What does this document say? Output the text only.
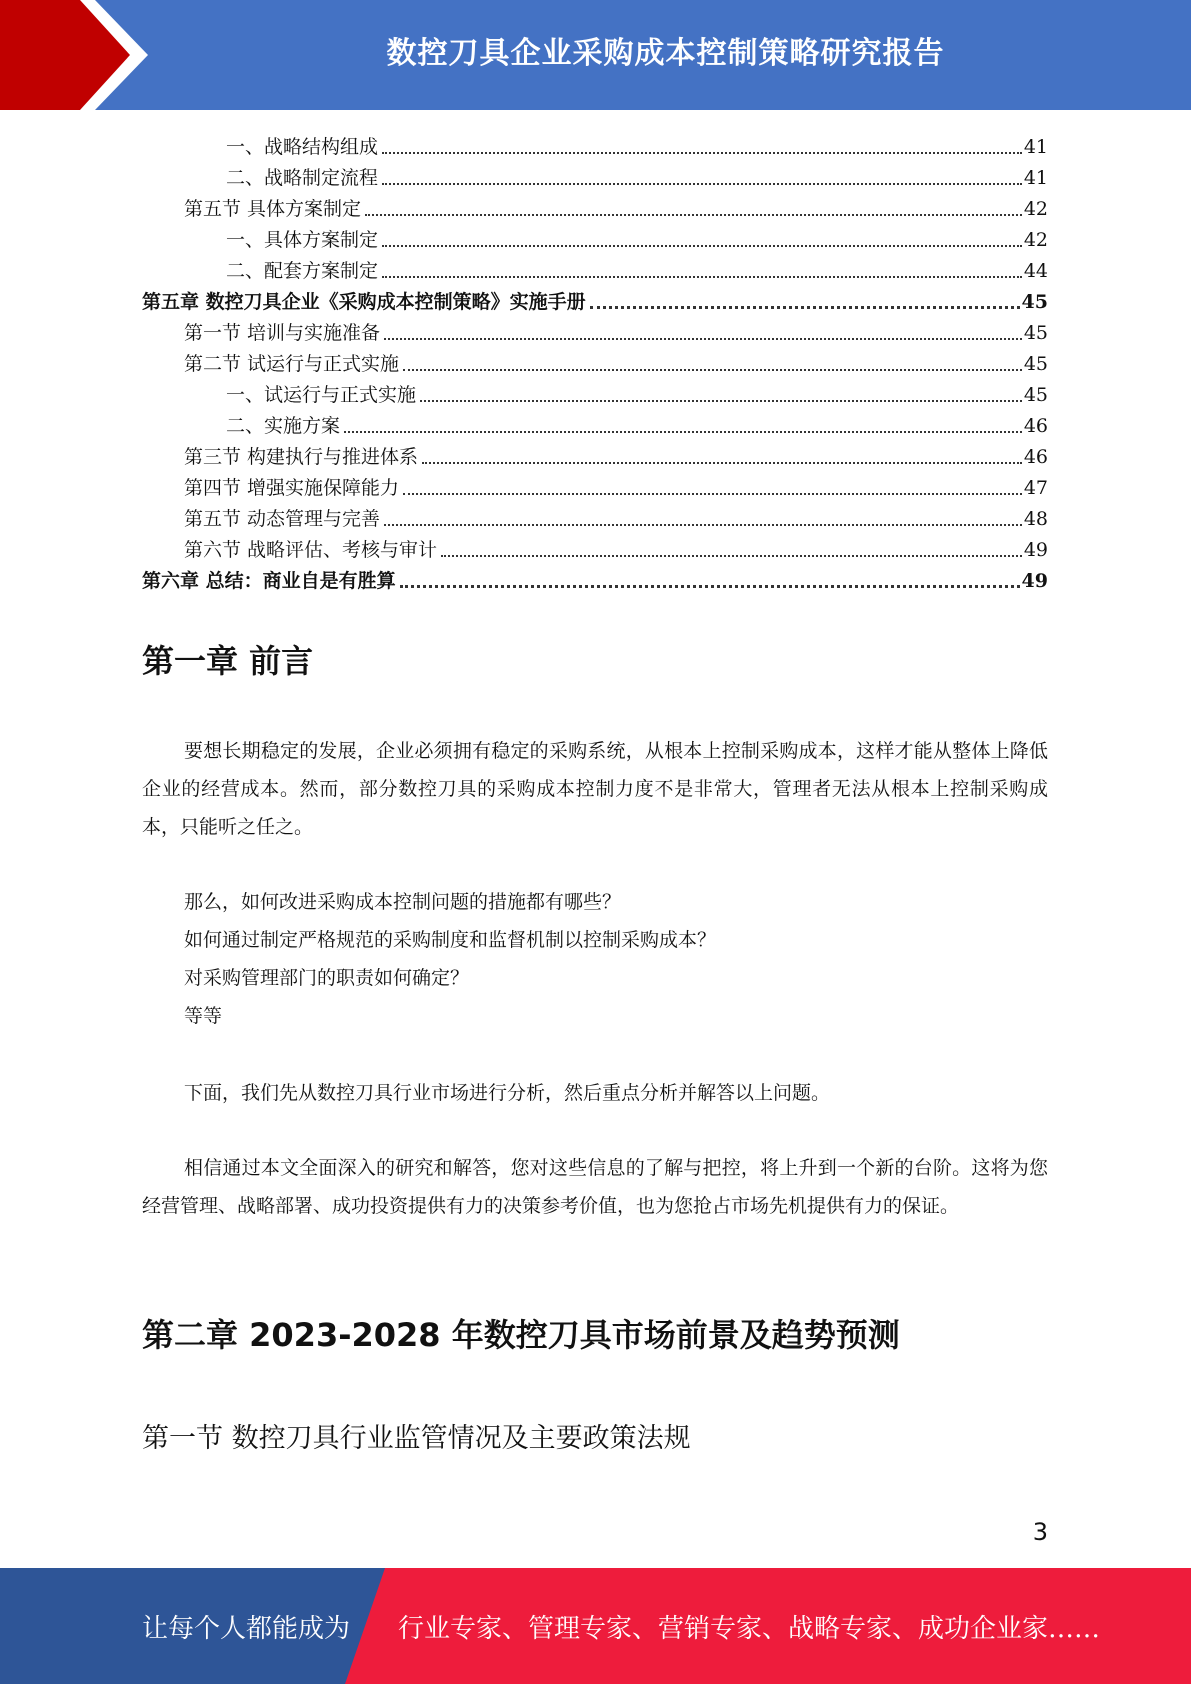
数控刀具企业采购成本控制策略研究报告
一、战略结构组成	41
二、战略制定流程	41
第五节 具体方案制定	42
一、具体方案制定	42
二、配套方案制定	44
第五章 数控刀具企业《采购成本控制策略》实施手册	45
第一节 培训与实施准备	45
第二节 试运行与正式实施	45
一、试运行与正式实施	45
二、实施方案	46
第三节 构建执行与推进体系	46
第四节 增强实施保障能力	47
第五节 动态管理与完善	48
第六节 战略评估、考核与审计	49
第六章 总结：商业自是有胜算	49
第一章 前言

要想长期稳定的发展，企业必须拥有稳定的采购系统，从根本上控制采购成本，这样才能从整体上降低企业的经营成本。然而，部分数控刀具的采购成本控制力度不是非常大，管理者无法从根本上控制采购成本，只能听之任之。

那么，如何改进采购成本控制问题的措施都有哪些？
如何通过制定严格规范的采购制度和监督机制以控制采购成本？
对采购管理部门的职责如何确定？
等等

下面，我们先从数控刀具行业市场进行分析，然后重点分析并解答以上问题。

相信通过本文全面深入的研究和解答，您对这些信息的了解与把控，将上升到一个新的台阶。这将为您经营管理、战略部署、成功投资提供有力的决策参考价值，也为您抢占市场先机提供有力的保证。

第二章 2023-2028 年数控刀具市场前景及趋势预测
第一节 数控刀具行业监管情况及主要政策法规
3
让每个人都能成为 行业专家、管理专家、营销专家、战略专家、成功企业家……
